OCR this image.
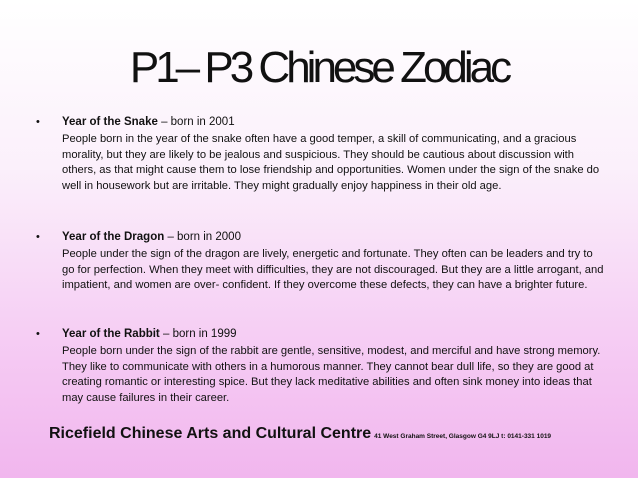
P1– P3 Chinese Zodiac
• Year of the Snake – born in 2001
People born in the year of the snake often have a good temper, a skill of communicating, and a gracious morality, but they are likely to be jealous and suspicious. They should be cautious about discussion with others, as that might cause them to lose friendship and opportunities. Women under the sign of the snake do well in housework but are irritable. They might gradually enjoy happiness in their old age.
• Year of the Dragon – born in 2000
People under the sign of the dragon are lively, energetic and fortunate. They often can be leaders and try to go for perfection. When they meet with difficulties, they are not discouraged. But they are a little arrogant, and impatient, and women are over- confident. If they overcome these defects, they can have a brighter future.
• Year of the Rabbit – born in 1999
People born under the sign of the rabbit are gentle, sensitive, modest, and merciful and have strong memory. They like to communicate with others in a humorous manner. They cannot bear dull life, so they are good at creating romantic or interesting spice. But they lack meditative abilities and often sink money into ideas that may cause failures in their career.
Ricefield Chinese Arts and Cultural Centre 41 West Graham Street, Glasgow G4 9LJ t: 0141-331 1019
